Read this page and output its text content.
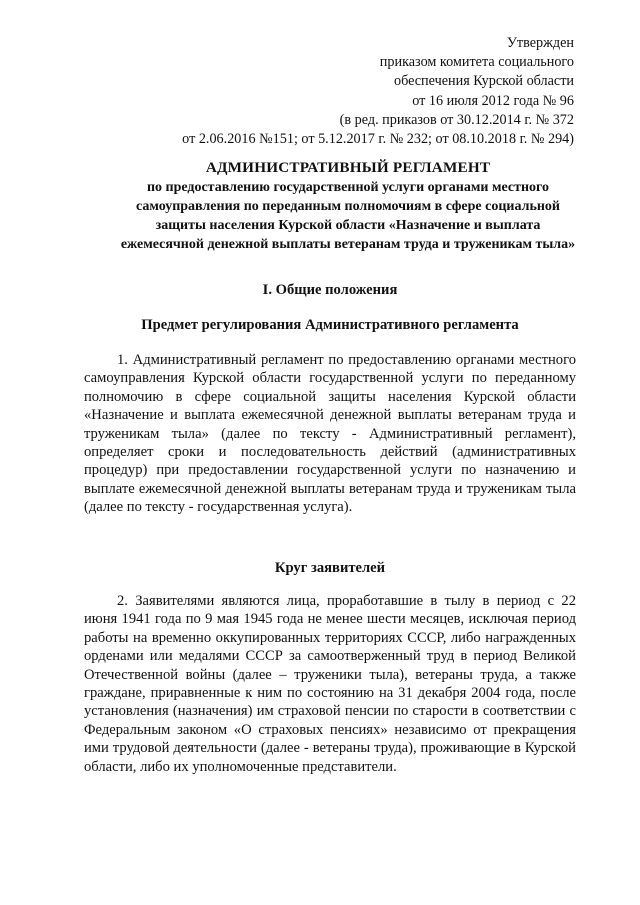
Утвержден
приказом комитета социального
обеспечения Курской области
от 16 июля 2012 года № 96
(в ред. приказов от 30.12.2014 г. № 372
от 2.06.2016 №151; от 5.12.2017 г. № 232; от 08.10.2018 г. № 294)
АДМИНИСТРАТИВНЫЙ РЕГЛАМЕНТ
по предоставлению государственной услуги органами местного самоуправления по переданным полномочиям в сфере социальной защиты населения Курской области «Назначение и выплата ежемесячной денежной выплаты ветеранам труда и труженикам тыла»
I. Общие положения
Предмет регулирования Административного регламента
1. Административный регламент по предоставлению органами местного самоуправления Курской области государственной услуги по переданному полномочию в сфере социальной защиты населения Курской области «Назначение и выплата ежемесячной денежной выплаты ветеранам труда и труженикам тыла» (далее по тексту - Административный регламент), определяет сроки и последовательность действий (административных процедур) при предоставлении государственной услуги по назначению и выплате ежемесячной денежной выплаты ветеранам труда и труженикам тыла (далее по тексту - государственная услуга).
Круг заявителей
2. Заявителями являются лица, проработавшие в тылу в период с 22 июня 1941 года по 9 мая 1945 года не менее шести месяцев, исключая период работы на временно оккупированных территориях СССР, либо награжденных орденами или медалями СССР за самоотверженный труд в период Великой Отечественной войны (далее – труженики тыла), ветераны труда, а также граждане, приравненные к ним по состоянию на 31 декабря 2004 года, после установления (назначения) им страховой пенсии по старости в соответствии с Федеральным законом «О страховых пенсиях» независимо от прекращения ими трудовой деятельности (далее - ветераны труда), проживающие в Курской области, либо их уполномоченные представители.
